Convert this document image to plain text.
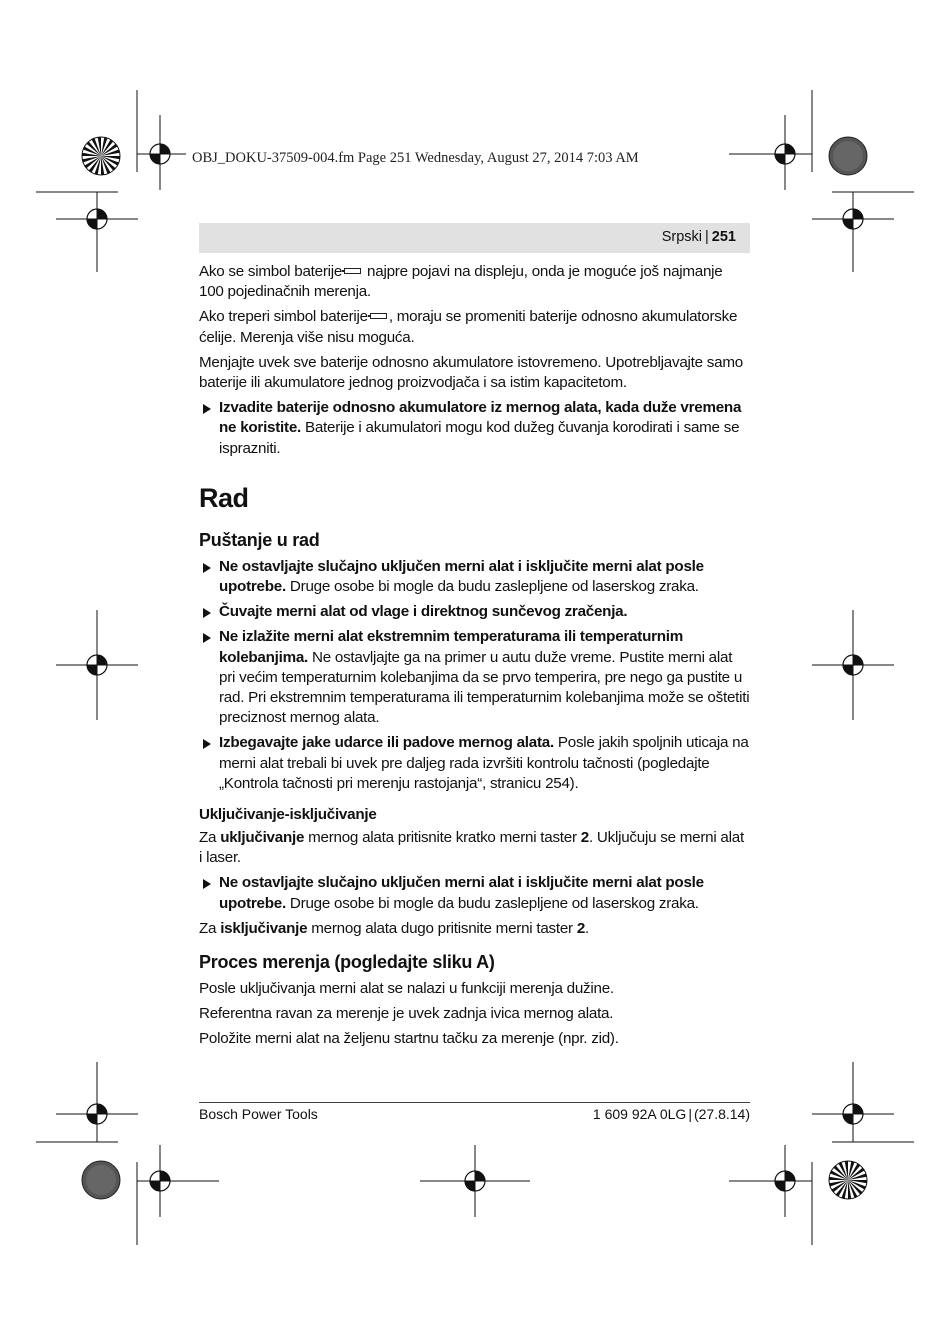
OBJ_DOKU-37509-004.fm Page 251 Wednesday, August 27, 2014 7:03 AM
Srpski | 251

Ako se simbol baterije najpre pojavi na displeju, onda je moguće još najmanje 100 pojedinačnih merenja.

Ako treperi simbol baterije , moraju se promeniti baterije odnosno akumulatorske ćelije. Merenja više nisu moguća.

Menjajte uvek sve baterije odnosno akumulatore istovremeno. Upotrebljavajte samo baterije ili akumulatore jednog proizvodjača i sa istim kapacitetom.

Izvadite baterije odnosno akumulatore iz mernog alata, kada duže vremena ne koristite. Baterije i akumulatori mogu kod dužeg čuvanja korodirati i same se isprazniti.
Rad
Puštanje u rad
Ne ostavljajte slučajno uključen merni alat i isključite merni alat posle upotrebe. Druge osobe bi mogle da budu zaslepljene od laserskog zraka.
Čuvajte merni alat od vlage i direktnog sunčevog zračenja.
Ne izlažite merni alat ekstremnim temperaturama ili temperaturnim kolebanjima. Ne ostavljajte ga na primer u autu duže vreme. Pustite merni alat pri većim temperaturnim kolebanjima da se prvo temperira, pre nego ga pustite u rad. Pri ekstremnim temperaturama ili temperaturnim kolebanjima može se oštetiti preciznost mernog alata.
Izbegavajte jake udarce ili padove mernog alata. Posle jakih spoljnih uticaja na merni alat trebali bi uvek pre daljeg rada izvršiti kontrolu tačnosti (pogledajte „Kontrola tačnosti pri merenju rastojanja“, stranicu 254).
Uključivanje-isključivanje

Za uključivanje mernog alata pritisnite kratko merni taster 2. Uključuju se merni alat i laser.

Ne ostavljajte slučajno uključen merni alat i isključite merni alat posle upotrebe. Druge osobe bi mogle da budu zaslepljene od laserskog zraka.

Za isključivanje mernog alata dugo pritisnite merni taster 2.

Proces merenja (pogledajte sliku A)

Posle uključivanja merni alat se nalazi u funkciji merenja dužine.

Referentna ravan za merenje je uvek zadnja ivica mernog alata.

Položite merni alat na željenu startnu tačku za merenje (npr. zid).

Bosch Power Tools	1 609 92A 0LG | (27.8.14)
